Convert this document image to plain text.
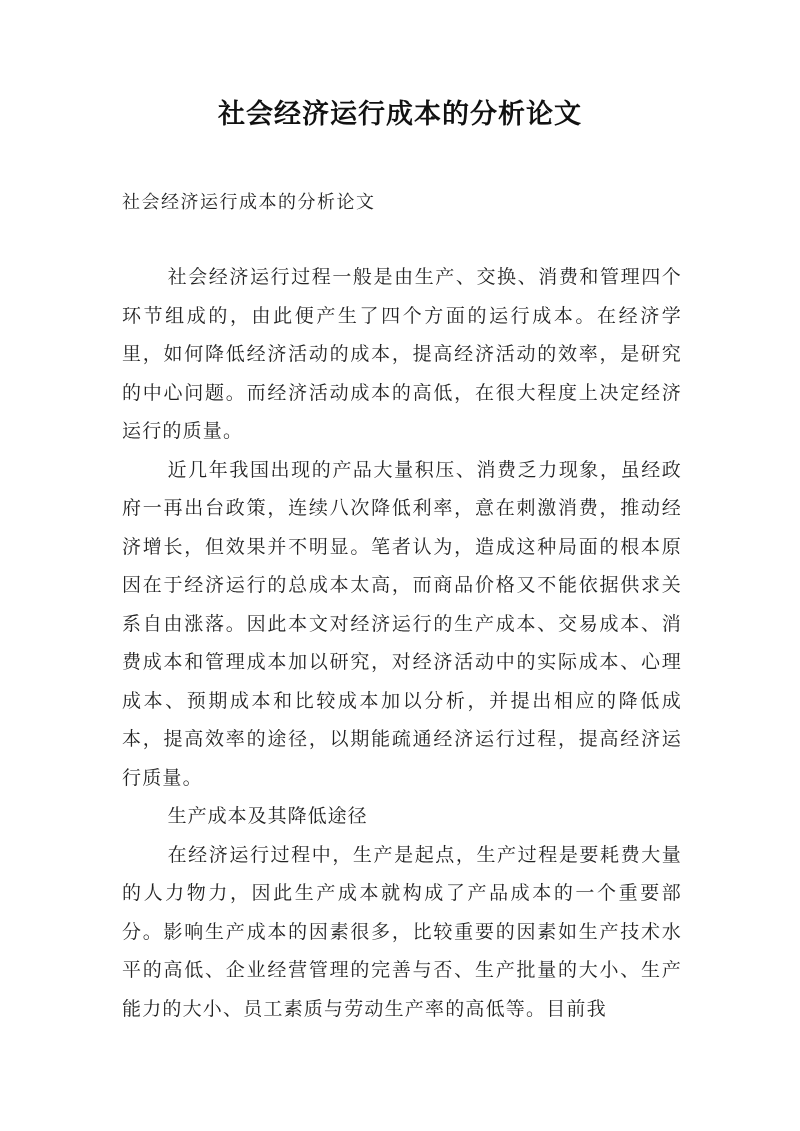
社会经济运行成本的分析论文
社会经济运行成本的分析论文

社会经济运行过程一般是由生产、交换、消费和管理四个环节组成的，由此便产生了四个方面的运行成本。在经济学里，如何降低经济活动的成本，提高经济活动的效率，是研究的中心问题。而经济活动成本的高低，在很大程度上决定经济运行的质量。

近几年我国出现的产品大量积压、消费乏力现象，虽经政府一再出台政策，连续八次降低利率，意在刺激消费，推动经济增长，但效果并不明显。笔者认为，造成这种局面的根本原因在于经济运行的总成本太高，而商品价格又不能依据供求关系自由涨落。因此本文对经济运行的生产成本、交易成本、消费成本和管理成本加以研究，对经济活动中的实际成本、心理成本、预期成本和比较成本加以分析，并提出相应的降低成本，提高效率的途径，以期能疏通经济运行过程，提高经济运行质量。

生产成本及其降低途径

在经济运行过程中，生产是起点，生产过程是要耗费大量的人力物力，因此生产成本就构成了产品成本的一个重要部分。影响生产成本的因素很多，比较重要的因素如生产技术水平的高低、企业经营管理的完善与否、生产批量的大小、生产能力的大小、员工素质与劳动生产率的高低等。目前我
